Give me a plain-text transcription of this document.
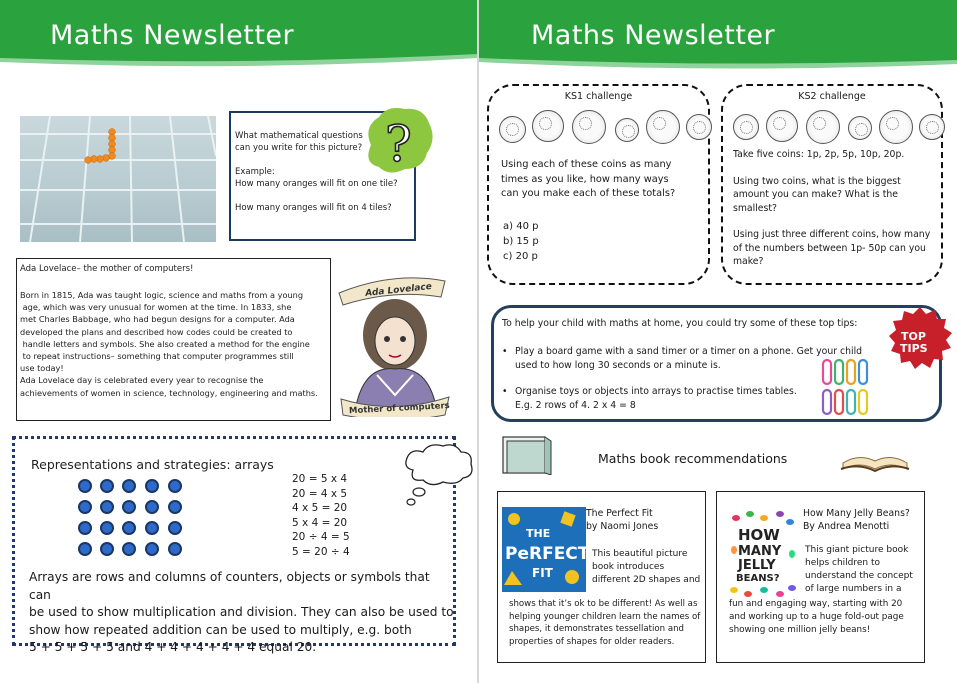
Maths Newsletter

What mathematical questions

can you write for this picture?

Example:

How many oranges will fit on one tile?

How many oranges will fit on 4 tiles?

?
Ada Lovelace– the mother of computers!
Born in 1815, Ada was taught logic, science and maths from a young
age, which was very unusual for women at the time. In 1833, she
met Charles Babbage, who had begun designs for a computer. Ada
developed the plans and described how codes could be created to
handle letters and symbols. She also created a method for the engine
to repeat instructions– something that computer programmes still
use today!
Ada Lovelace day is celebrated every year to recognise the
achievements of women in science, technology, engineering and maths.
Ada Lovelace
Mother of computers
Representations and strategies: arrays
20 = 5 x 4
20 = 4 x 5
4 x 5 = 20
5 x 4 = 20
20 ÷ 4 = 5
5 = 20 ÷ 4
Arrays are rows and columns of counters, objects or symbols that can
be used to show multiplication and division. They can also be used to
show how repeated addition can be used to multiply, e.g. both
5 + 5 + 5 + 5 and 4 + 4 + 4 + 4 + 4 equal 20.
Maths Newsletter
KS1 challenge
Using each of these coins as many
times as you like, how many ways
can you make each of these totals?
a) 40 p
b) 15 p
c) 20 p
KS2 challenge
Take five coins: 1p, 2p, 5p, 10p, 20p.
Using two coins, what is the biggest
amount you can make? What is the
smallest?
Using just three different coins, how many
of the numbers between 1p- 50p can you
make?
To help your child with maths at home, you could try some of these top tips:
• Play a board game with a sand timer or a timer on a phone. Get your child
used to how long 30 seconds or a minute is.
• Organise toys or objects into arrays to practise times tables.
E.g. 2 rows of 4. 2 x 4 = 8
TOP
TIPS
Maths book recommendations
THE
PeRFECT
FIT
The Perfect Fit
by Naomi Jones
This beautiful picture
book introduces
different 2D shapes and
shows that it’s ok to be different! As well as
helping younger children learn the names of
shapes, it demonstrates tessellation and
properties of shapes for older readers.
HOW
MANY
JELLY
BEANS?
How Many Jelly Beans?
By Andrea Menotti
This giant picture book
helps children to
understand the concept
of large numbers in a
fun and engaging way, starting with 20
and working up to a huge fold-out page
showing one million jelly beans!
